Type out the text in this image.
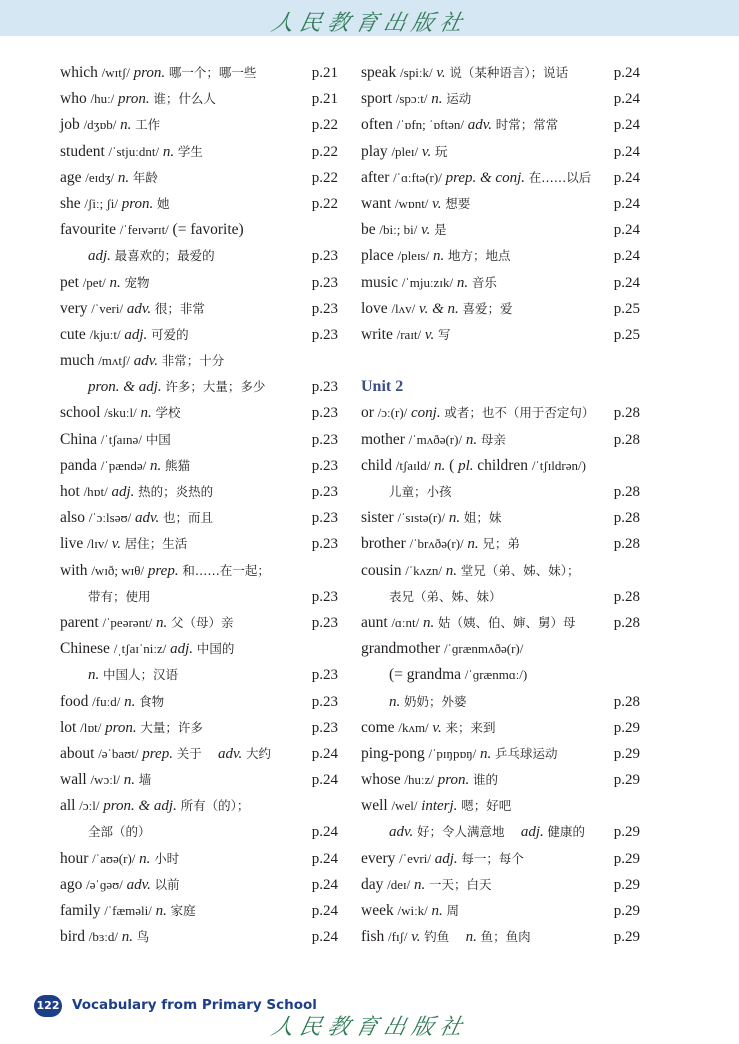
人民教育出版社
which /wɪtʃ/ pron. 哪一个；哪一些	p.21
who /huː/ pron. 谁；什么人	p.21
job /dʒɒb/ n. 工作	p.22
student /ˈstjuːdnt/ n. 学生	p.22
age /eɪdʒ/ n. 年龄	p.22
she /ʃiː; ʃi/ pron. 她	p.22
favourite /ˈfeɪvərɪt/ (= favorite)
adj. 最喜欢的；最爱的	p.23
pet /pet/ n. 宠物	p.23
very /ˈveri/ adv. 很；非常	p.23
cute /kjuːt/ adj. 可爱的	p.23
much /mʌtʃ/ adv. 非常；十分
pron. & adj. 许多；大量；多少	p.23
school /skuːl/ n. 学校	p.23
China /ˈtʃaɪnə/ 中国	p.23
panda /ˈpændə/ n. 熊猫	p.23
hot /hɒt/ adj. 热的；炎热的	p.23
also /ˈɔːlsəʊ/ adv. 也；而且	p.23
live /lɪv/ v. 居住；生活	p.23
with /wɪð; wɪθ/ prep. 和……在一起；
带有；使用	p.23
parent /ˈpeərənt/ n. 父（母）亲	p.23
Chinese /ˌtʃaɪˈniːz/ adj. 中国的
n. 中国人；汉语	p.23
food /fuːd/ n. 食物	p.23
lot /lɒt/ pron. 大量；许多	p.23
about /əˈbaʊt/ prep. 关于　 adv. 大约	p.24
wall /wɔːl/ n. 墙	p.24
all /ɔːl/ pron. & adj. 所有（的）；
全部（的）	p.24
hour /ˈaʊə(r)/ n. 小时	p.24
ago /əˈɡəʊ/ adv. 以前	p.24
family /ˈfæməli/ n. 家庭	p.24
bird /bɜːd/ n. 鸟	p.24
speak /spiːk/ v. 说（某种语言）；说话	p.24
sport /spɔːt/ n. 运动	p.24
often /ˈɒfn; ˈɒftən/ adv. 时常；常常	p.24
play /pleɪ/ v. 玩	p.24
after /ˈɑːftə(r)/ prep. & conj. 在……以后 p.24
want /wɒnt/ v. 想要	p.24
be /biː; bi/ v. 是	p.24
place /pleɪs/ n. 地方；地点	p.24
music /ˈmjuːzɪk/ n. 音乐	p.24
love /lʌv/ v. & n. 喜爱；爱	p.25
write /raɪt/ v. 写	p.25
Unit 2
or /ɔː(r)/ conj. 或者；也不（用于否定句） p.28
mother /ˈmʌðə(r)/ n. 母亲	p.28
child /tʃaɪld/ n. ( pl. children /ˈtʃɪldrən/)
儿童；小孩	p.28
sister /ˈsɪstə(r)/ n. 姐；妹	p.28
brother /ˈbrʌðə(r)/ n. 兄；弟	p.28
cousin /ˈkʌzn/ n. 堂兄（弟、姊、妹）；
表兄（弟、姊、妹）	p.28
aunt /ɑːnt/ n. 姑（姨、伯、婶、舅）母	p.28
grandmother /ˈɡrænmʌðə(r)/
(= grandma /ˈɡrænmɑː/)
n. 奶奶；外婆	p.28
come /kʌm/ v. 来；来到	p.29
ping-pong /ˈpɪŋpɒŋ/ n. 乒乓球运动	p.29
whose /huːz/ pron. 谁的	p.29
well /wel/ interj. 嗯；好吧
adv. 好；令人满意地　 adj. 健康的 p.29
every /ˈevri/ adj. 每一；每个	p.29
day /deɪ/ n. 一天；白天	p.29
week /wiːk/ n. 周	p.29
fish /fɪʃ/ v. 钓鱼　 n. 鱼；鱼肉	p.29
122 Vocabulary from Primary School
人民教育出版社
